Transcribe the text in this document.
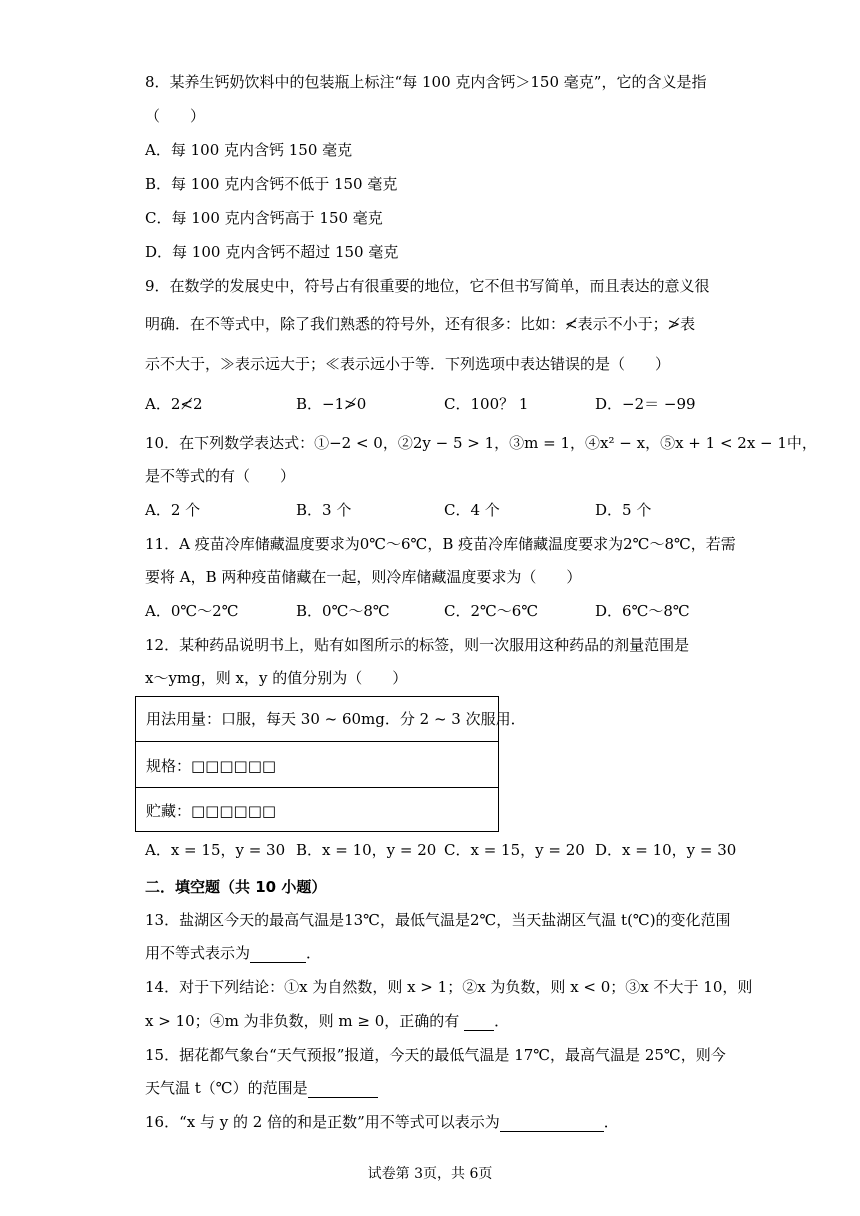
8．某养生钙奶饮料中的包装瓶上标注“每 100 克内含钙＞150 毫克”，它的含义是指
（　　）
A．每 100 克内含钙 150 毫克
B．每 100 克内含钙不低于 150 毫克
C．每 100 克内含钙高于 150 毫克
D．每 100 克内含钙不超过 150 毫克
9．在数学的发展史中，符号占有很重要的地位，它不但书写简单，而且表达的意义很
明确．在不等式中，除了我们熟悉的符号外，还有很多：比如：≮表示不小于；≯表
示不大于，≫表示远大于；≪表示远小于等．下列选项中表达错误的是（　　）
A．2≮2	B．−1≯0	C．100？ 1	D．−2＝ −99
10．在下列数学表达式：①−2 < 0，②2y − 5 > 1，③m = 1，④x² − x，⑤x + 1 < 2x − 1中，
是不等式的有（　　）
A．2 个	B．3 个	C．4 个	D．5 个
11．A 疫苗冷库储藏温度要求为0℃～6℃，B 疫苗冷库储藏温度要求为2℃～8℃，若需
要将 A，B 两种疫苗储藏在一起，则冷库储藏温度要求为（　　）
A．0℃～2℃	B．0℃～8℃	C．2℃～6℃	D．6℃～8℃
12．某种药品说明书上，贴有如图所示的标签，则一次服用这种药品的剂量范围是
x～ymg，则 x，y 的值分别为（　　）
用法用量：口服，每天 30 ~ 60mg．分 2 ~ 3 次服用．
规格：□□□□□□
贮藏：□□□□□□
A．x = 15，y = 30 B．x = 10，y = 20 C．x = 15，y = 20 D．x = 10，y = 30
二．填空题（共 10 小题）
13．盐湖区今天的最高气温是13℃，最低气温是2℃，当天盐湖区气温 t(℃)的变化范围
用不等式表示为	．
14．对于下列结论：①x 为自然数，则 x > 1；②x 为负数，则 x < 0；③x 不大于 10，则
x > 10；④m 为非负数，则 m ≥ 0，正确的有 ．
15．据花都气象台“天气预报”报道，今天的最低气温是 17℃，最高气温是 25℃，则今
天气温 t（℃）的范围是
16．“x 与 y 的 2 倍的和是正数”用不等式可以表示为	．
试卷第 3页，共 6页
